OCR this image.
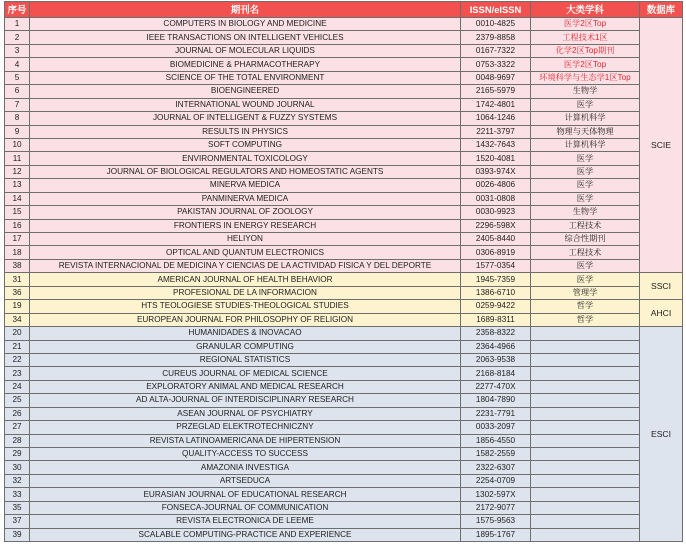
序号	期刊名	ISSN/eISSN	大类学科	数据库
1	COMPUTERS IN BIOLOGY AND MEDICINE	0010-4825	医学2区Top	SCIE
2	IEEE TRANSACTIONS ON INTELLIGENT VEHICLES	2379-8858	工程技术1区	
3	JOURNAL OF MOLECULAR LIQUIDS	0167-7322	化学2区Top期刊	
4	BIOMEDICINE & PHARMACOTHERAPY	0753-3322	医学2区Top	
5	SCIENCE OF THE TOTAL ENVIRONMENT	0048-9697	环境科学与生态学1区Top	
6	BIOENGINEERED	2165-5979	生物学	
7	INTERNATIONAL WOUND JOURNAL	1742-4801	医学	
8	JOURNAL OF INTELLIGENT & FUZZY SYSTEMS	1064-1246	计算机科学	
9	RESULTS IN PHYSICS	2211-3797	物理与天体物理	
10	SOFT COMPUTING	1432-7643	计算机科学	
11	ENVIRONMENTAL TOXICOLOGY	1520-4081	医学	
12	JOURNAL OF BIOLOGICAL REGULATORS AND HOMEOSTATIC AGENTS	0393-974X	医学	
13	MINERVA MEDICA	0026-4806	医学	
14	PANMINERVA MEDICA	0031-0808	医学	
15	PAKISTAN JOURNAL OF ZOOLOGY	0030-9923	生物学	
16	FRONTIERS IN ENERGY RESEARCH	2296-598X	工程技术	
17	HELIYON	2405-8440	综合性期刊	
18	OPTICAL AND QUANTUM ELECTRONICS	0306-8919	工程技术	
38	REVISTA INTERNACIONAL DE MEDICINA Y CIENCIAS DE LA ACTIVIDAD FISICA Y DEL DEPORTE	1577-0354	医学	
31	AMERICAN JOURNAL OF HEALTH BEHAVIOR	1945-7359	医学	SSCI
36	PROFESIONAL DE LA INFORMACION	1386-6710	管理学	
19	HTS TEOLOGIESE STUDIES-THEOLOGICAL STUDIES	0259-9422	哲学	AHCI
34	EUROPEAN JOURNAL FOR PHILOSOPHY OF RELIGION	1689-8311	哲学	
20	HUMANIDADES & INOVACAO	2358-8322		ESCI
21	GRANULAR COMPUTING	2364-4966		
22	REGIONAL STATISTICS	2063-9538		
23	CUREUS JOURNAL OF MEDICAL SCIENCE	2168-8184		
24	EXPLORATORY ANIMAL AND MEDICAL RESEARCH	2277-470X		
25	AD ALTA-JOURNAL OF INTERDISCIPLINARY RESEARCH	1804-7890		
26	ASEAN JOURNAL OF PSYCHIATRY	2231-7791		
27	PRZEGLAD ELEKTROTECHNICZNY	0033-2097		
28	REVISTA LATINOAMERICANA DE HIPERTENSION	1856-4550		
29	QUALITY-ACCESS TO SUCCESS	1582-2559		
30	AMAZONIA INVESTIGA	2322-6307		
32	ARTSEDUCA	2254-0709		
33	EURASIAN JOURNAL OF EDUCATIONAL RESEARCH	1302-597X		
35	FONSECA-JOURNAL OF COMMUNICATION	2172-9077		
37	REVISTA ELECTRONICA DE LEEME	1575-9563		
39	SCALABLE COMPUTING-PRACTICE AND EXPERIENCE	1895-1767		
